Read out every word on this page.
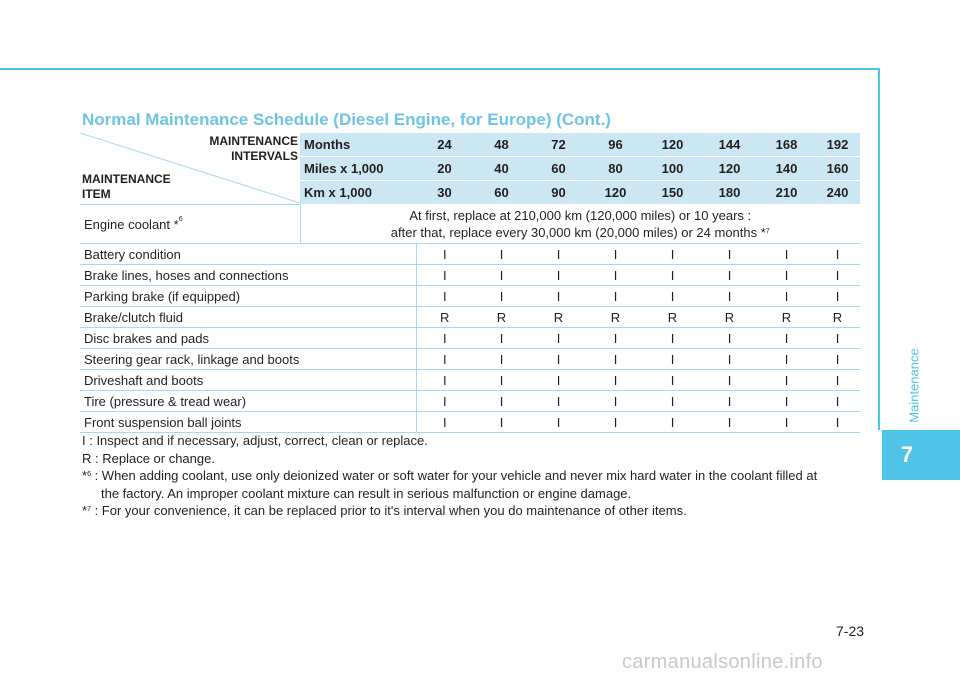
Maintenance
7
Normal Maintenance Schedule (Diesel Engine, for Europe) (Cont.)
MAINTENANCE
INTERVALS
MAINTENANCE
ITEM	Months	24	48	72	96	120	144	168	192
	Miles x 1,000	20	40	60	80	100	120	140	160
	Km x 1,000	30	60	90	120	150	180	210	240
Engine coolant *$^6$	At first, replace at 210,000 km (120,000 miles) or 10 years :
after that, replace every 30,000 km (20,000 miles) or 24 months *$^7$

Battery condition		I	I	I	I	I	I	I	I
Brake lines, hoses and connections		I	I	I	I	I	I	I	I
Parking brake (if equipped)		I	I	I	I	I	I	I	I
Brake/clutch fluid		R	R	R	R	R	R	R	R
Disc brakes and pads		I	I	I	I	I	I	I	I
Steering gear rack, linkage and boots		I	I	I	I	I	I	I	I
Driveshaft and boots		I	I	I	I	I	I	I	I
Tire (pressure & tread wear)		I	I	I	I	I	I	I	I
Front suspension ball joints		I	I	I	I	I	I	I	I
I : Inspect and if necessary, adjust, correct, clean or replace.
R : Replace or change.
*$^6$ : When adding coolant, use only deionized water or soft water for your vehicle and never mix hard water in the coolant filled at
the factory. An improper coolant mixture can result in serious malfunction or engine damage.
*$^7$ : For your convenience, it can be replaced prior to it's interval when you do maintenance of other items.
7-23
carmanualsonline.info
